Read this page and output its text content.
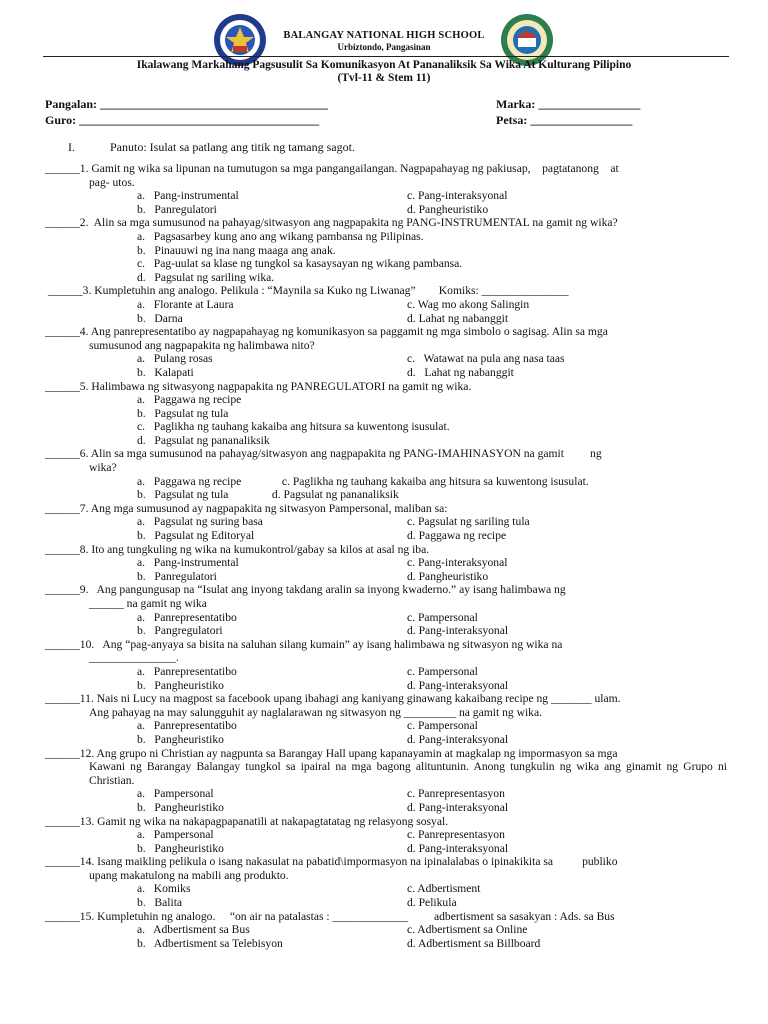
BALANGAY NATIONAL HIGH SCHOOL
Urbiztondo, Pangasinan
Ikalawang Markahang Pagsusulit Sa Komunikasyon At Pananaliksik Sa Wika At Kulturang Pilipino
(Tvl-11 & Stem 11)
Pangalan: ______________________________________
Guro: ________________________________________
Marka: _________________
Petsa: _________________
I.	Panuto: Isulat sa patlang ang titik ng tamang sagot.
______1. Gamit ng wika sa lipunan na tumutugon sa mga pangangailangan. Nagpapahayag ng pakiusap,    pagtatanong    at
pag- utos.
a.   Pang-instrumental	c. Pang-interaksyonal
b.   Panregulatori	d. Pangheuristiko
______2.  Alin sa mga sumusunod na pahayag/sitwasyon ang nagpapakita ng PANG-INSTRUMENTAL na gamit ng wika?
a.   Pagsasarbey kung ano ang wikang pambansa ng Pilipinas.
b.   Pinauuwi ng ina nang maaga ang anak.
c.   Pag-uulat sa klase ng tungkol sa kasaysayan ng wikang pambansa.
d.   Pagsulat ng sariling wika.
______3. Kumpletuhin ang analogo. Pelikula : “Maynila sa Kuko ng Liwanag”        Komiks: _______________
a.   Florante at Laura	c. Wag mo akong Salingin
b.   Darna	d. Lahat ng nabanggit
______4. Ang panrepresentatibo ay nagpapahayag ng komunikasyon sa paggamit ng mga simbolo o sagisag. Alin sa mga
sumusunod ang nagpapakita ng halimbawa nito?
a.   Pulang rosas	c.   Watawat na pula ang nasa taas
b.   Kalapati	d.   Lahat ng nabanggit
______5. Halimbawa ng sitwasyong nagpapakita ng PANREGULATORI na gamit ng wika.
a.   Paggawa ng recipe
b.   Pagsulat ng tula
c.   Paglikha ng tauhang kakaiba ang hitsura sa kuwentong isusulat.
d.   Pagsulat ng pananaliksik
______6. Alin sa mga sumusunod na pahayag/sitwasyon ang nagpapakita ng PANG-IMAHINASYON na gamit         ng
wika?
a.   Paggawa ng recipe              c. Paglikha ng tauhang kakaiba ang hitsura sa kuwentong isusulat.
b.   Pagsulat ng tula               d. Pagsulat ng pananaliksik
______7. Ang mga sumusunod ay nagpapakita ng sitwasyon Pampersonal, maliban sa:
a.   Pagsulat ng suring basa	c. Pagsulat ng sariling tula
b.   Pagsulat ng Editoryal	d. Paggawa ng recipe
______8. Ito ang tungkuling ng wika na kumukontrol/gabay sa kilos at asal ng iba.
a.   Pang-instrumental	c. Pang-interaksyonal
b.   Panregulatori	d. Pangheuristiko
______9.   Ang pangungusap na “Isulat ang inyong takdang aralin sa inyong kwaderno.” ay isang halimbawa ng
______ na gamit ng wika
a.   Panrepresentatibo	c. Pampersonal
b.   Pangregulatori	d. Pang-interaksyonal
______10.   Ang “pag-anyaya sa bisita na saluhan silang kumain” ay isang halimbawa ng sitwasyon ng wika na
_______________.
a.   Panrepresentatibo	c. Pampersonal
b.   Pangheuristiko	d. Pang-interaksyonal
______11. Nais ni Lucy na magpost sa facebook upang ibahagi ang kaniyang ginawang kakaibang recipe ng _______ ulam.
Ang pahayag na may salungguhit ay naglalarawan ng sitwasyon ng _________ na gamit ng wika.
a.   Panrepresentatibo	c. Pampersonal
b.   Pangheuristiko	d. Pang-interaksyonal
______12. Ang grupo ni Christian ay nagpunta sa Barangay Hall upang kapanayamin at magkalap ng impormasyon sa mga
Kawani ng Barangay Balangay tungkol sa ipairal na mga bagong alituntunin. Anong tungkulin ng wika ang ginamit ng Grupo ni Christian.
a.   Pampersonal	c. Panrepresentasyon
b.   Pangheuristiko	d. Pang-interaksyonal
______13. Gamit ng wika na nakapagpapanatili at nakapagtatatag ng relasyong sosyal.
a.   Pampersonal	c. Panrepresentasyon
b.   Pangheuristiko	d. Pang-interaksyonal
______14. Isang maikling pelikula o isang nakasulat na pabatid\impormasyon na ipinalalabas o ipinakikita sa          publiko
upang makatulong na mabili ang produkto.
a.   Komiks	c. Adbertisment
b.   Balita	d. Pelikula
______15. Kumpletuhin ng analogo.     “on air na patalastas : _____________         adbertisment sa sasakyan : Ads. sa Bus
a.   Adbertisment sa Bus	c. Adbertisment sa Online
b.   Adbertisment sa Telebisyon	d. Adbertisment sa Billboard
